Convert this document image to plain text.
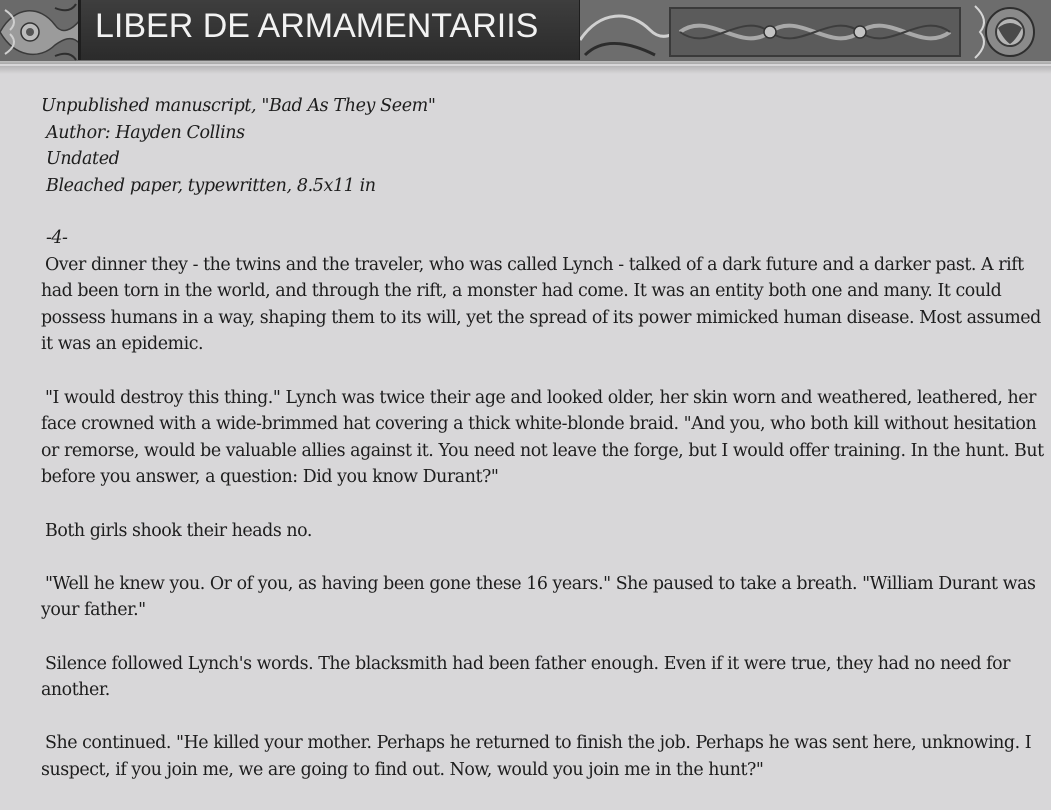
LIBER DE ARMAMENTARIIS
Unpublished manuscript, "Bad As They Seem"
Author: Hayden Collins
Undated
Bleached paper, typewritten, 8.5x11 in

-4-

Over dinner they - the twins and the traveler, who was called Lynch - talked of a dark future and a darker past. A rift had been torn in the world, and through the rift, a monster had come. It was an entity both one and many. It could possess humans in a way, shaping them to its will, yet the spread of its power mimicked human disease. Most assumed it was an epidemic.

"I would destroy this thing." Lynch was twice their age and looked older, her skin worn and weathered, leathered, her face crowned with a wide-brimmed hat covering a thick white-blonde braid. "And you, who both kill without hesitation or remorse, would be valuable allies against it. You need not leave the forge, but I would offer training. In the hunt. But before you answer, a question: Did you know Durant?"

Both girls shook their heads no.

"Well he knew you. Or of you, as having been gone these 16 years." She paused to take a breath. "William Durant was your father."

Silence followed Lynch's words. The blacksmith had been father enough. Even if it were true, they had no need for another.

She continued. "He killed your mother. Perhaps he returned to finish the job. Perhaps he was sent here, unknowing. I suspect, if you join me, we are going to find out. Now, would you join me in the hunt?"
